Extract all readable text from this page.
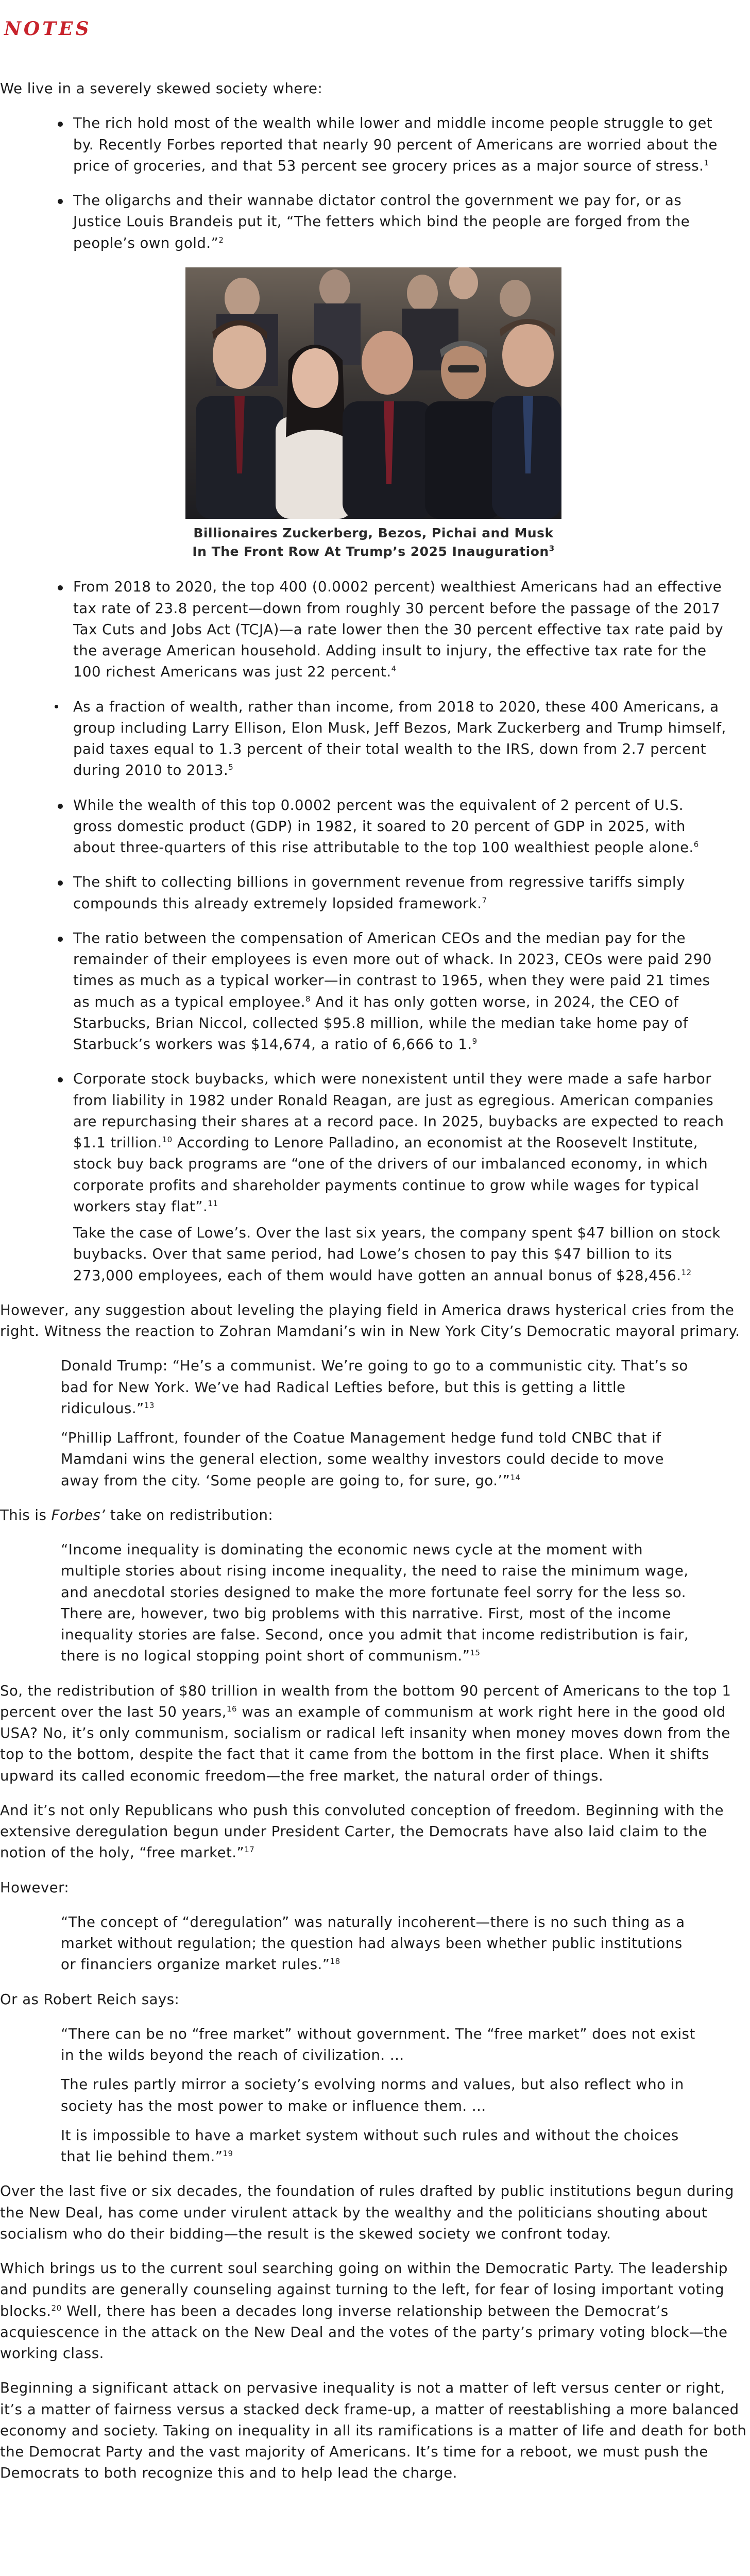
NOTES

We live in a severely skewed society where:

The rich hold most of the wealth while lower and middle income people struggle to get by. Recently Forbes reported that nearly 90 percent of Americans are worried about the price of groceries, and that 53 percent see grocery prices as a major source of stress.$^1$

The oligarchs and their wannabe dictator control the government we pay for, or as Justice Louis Brandeis put it, “The fetters which bind the people are forged from the people’s own gold.”$^2$

Billionaires Zuckerberg, Bezos, Pichai and Musk
In The Front Row At Trump’s 2025 Inauguration$^3$

From 2018 to 2020, the top 400 (0.0002 percent) wealthiest Americans had an effective tax rate of 23.8 percent—down from roughly 30 percent before the passage of the 2017 Tax Cuts and Jobs Act (TCJA)—a rate lower then the 30 percent effective tax rate paid by the average American household. Adding insult to injury, the effective tax rate for the 100 richest Americans was just 22 percent.$^4$

As a fraction of wealth, rather than income, from 2018 to 2020, these 400 Americans, a group including Larry Ellison, Elon Musk, Jeff Bezos, Mark Zuckerberg and Trump himself, paid taxes equal to 1.3 percent of their total wealth to the IRS, down from 2.7 percent during 2010 to 2013.$^5$

While the wealth of this top 0.0002 percent was the equivalent of 2 percent of U.S. gross domestic product (GDP) in 1982, it soared to 20 percent of GDP in 2025, with about three-quarters of this rise attributable to the top 100 wealthiest people alone.$^6$

The shift to collecting billions in government revenue from regressive tariffs simply compounds this already extremely lopsided framework.$^7$

The ratio between the compensation of American CEOs and the median pay for the remainder of their employees is even more out of whack. In 2023, CEOs were paid 290 times as much as a typical worker—in contrast to 1965, when they were paid 21 times as much as a typical employee.$^8$ And it has only gotten worse, in 2024, the CEO of Starbucks, Brian Niccol, collected $95.8 million, while the median take home pay of Starbuck’s workers was $14,674, a ratio of 6,666 to 1.$^9$

Corporate stock buybacks, which were nonexistent until they were made a safe harbor from liability in 1982 under Ronald Reagan, are just as egregious. American companies are repurchasing their shares at a record pace. In 2025, buybacks are expected to reach $1.1 trillion.$^{10}$ According to Lenore Palladino, an economist at the Roosevelt Institute, stock buy back programs are “one of the drivers of our imbalanced economy, in which corporate profits and shareholder payments continue to grow while wages for typical workers stay flat”.$^{11}$

Take the case of Lowe’s. Over the last six years, the company spent $47 billion on stock buybacks. Over that same period, had Lowe’s chosen to pay this $47 billion to its 273,000 employees, each of them would have gotten an annual bonus of $28,456.12

However, any suggestion about leveling the playing field in America draws hysterical cries from the right. Witness the reaction to Zohran Mamdani’s win in New York City’s Democratic mayoral primary.

Donald Trump: “He’s a communist. We’re going to go to a communistic city. That’s so bad for New York. We’ve had Radical Lefties before, but this is getting a little ridiculous.”$^{13}$

“Phillip Laffront, founder of the Coatue Management hedge fund told CNBC that if Mamdani wins the general election, some wealthy investors could decide to move away from the city. ‘Some people are going to, for sure, go.’”$^{14}$

This is Forbes’ take on redistribution:

“Income inequality is dominating the economic news cycle at the moment with multiple stories about rising income inequality, the need to raise the minimum wage, and anecdotal stories designed to make the more fortunate feel sorry for the less so. There are, however, two big problems with this narrative. First, most of the income inequality stories are false. Second, once you admit that income redistribution is fair, there is no logical stopping point short of communism.”$^{15}$

So, the redistribution of $80 trillion in wealth from the bottom 90 percent of Americans to the top 1 percent over the last 50 years,$^{16}$ was an example of communism at work right here in the good old USA? No, it’s only communism, socialism or radical left insanity when money moves down from the top to the bottom, despite the fact that it came from the bottom in the first place. When it shifts upward its called economic freedom—the free market, the natural order of things.

And it’s not only Republicans who push this convoluted conception of freedom. Beginning with the extensive deregulation begun under President Carter, the Democrats have also laid claim to the notion of the holy, “free market.”$^{17}$

However:

“The concept of “deregulation” was naturally incoherent—there is no such thing as a market without regulation; the question had always been whether public institutions or financiers organize market rules.”$^{18}$

Or as Robert Reich says:

“There can be no “free market” without government. The “free market” does not exist in the wilds beyond the reach of civilization. ...

The rules partly mirror a society’s evolving norms and values, but also reflect who in society has the most power to make or influence them. ...

It is impossible to have a market system without such rules and without the choices that lie behind them.”$^{19}$

Over the last five or six decades, the foundation of rules drafted by public institutions begun during the New Deal, has come under virulent attack by the wealthy and the politicians shouting about socialism who do their bidding—the result is the skewed society we confront today.

Which brings us to the current soul searching going on within the Democratic Party. The leadership and pundits are generally counseling against turning to the left, for fear of losing important voting blocks.$^{20}$ Well, there has been a decades long inverse relationship between the Democrat’s acquiescence in the attack on the New Deal and the votes of the party’s primary voting block—the working class.

Beginning a significant attack on pervasive inequality is not a matter of left versus center or right, it’s a matter of fairness versus a stacked deck frame-up, a matter of reestablishing a more balanced economy and society. Taking on inequality in all its ramifications is a matter of life and death for both the Democrat Party and the vast majority of Americans. It’s time for a reboot, we must push the Democrats to both recognize this and to help lead the charge.
